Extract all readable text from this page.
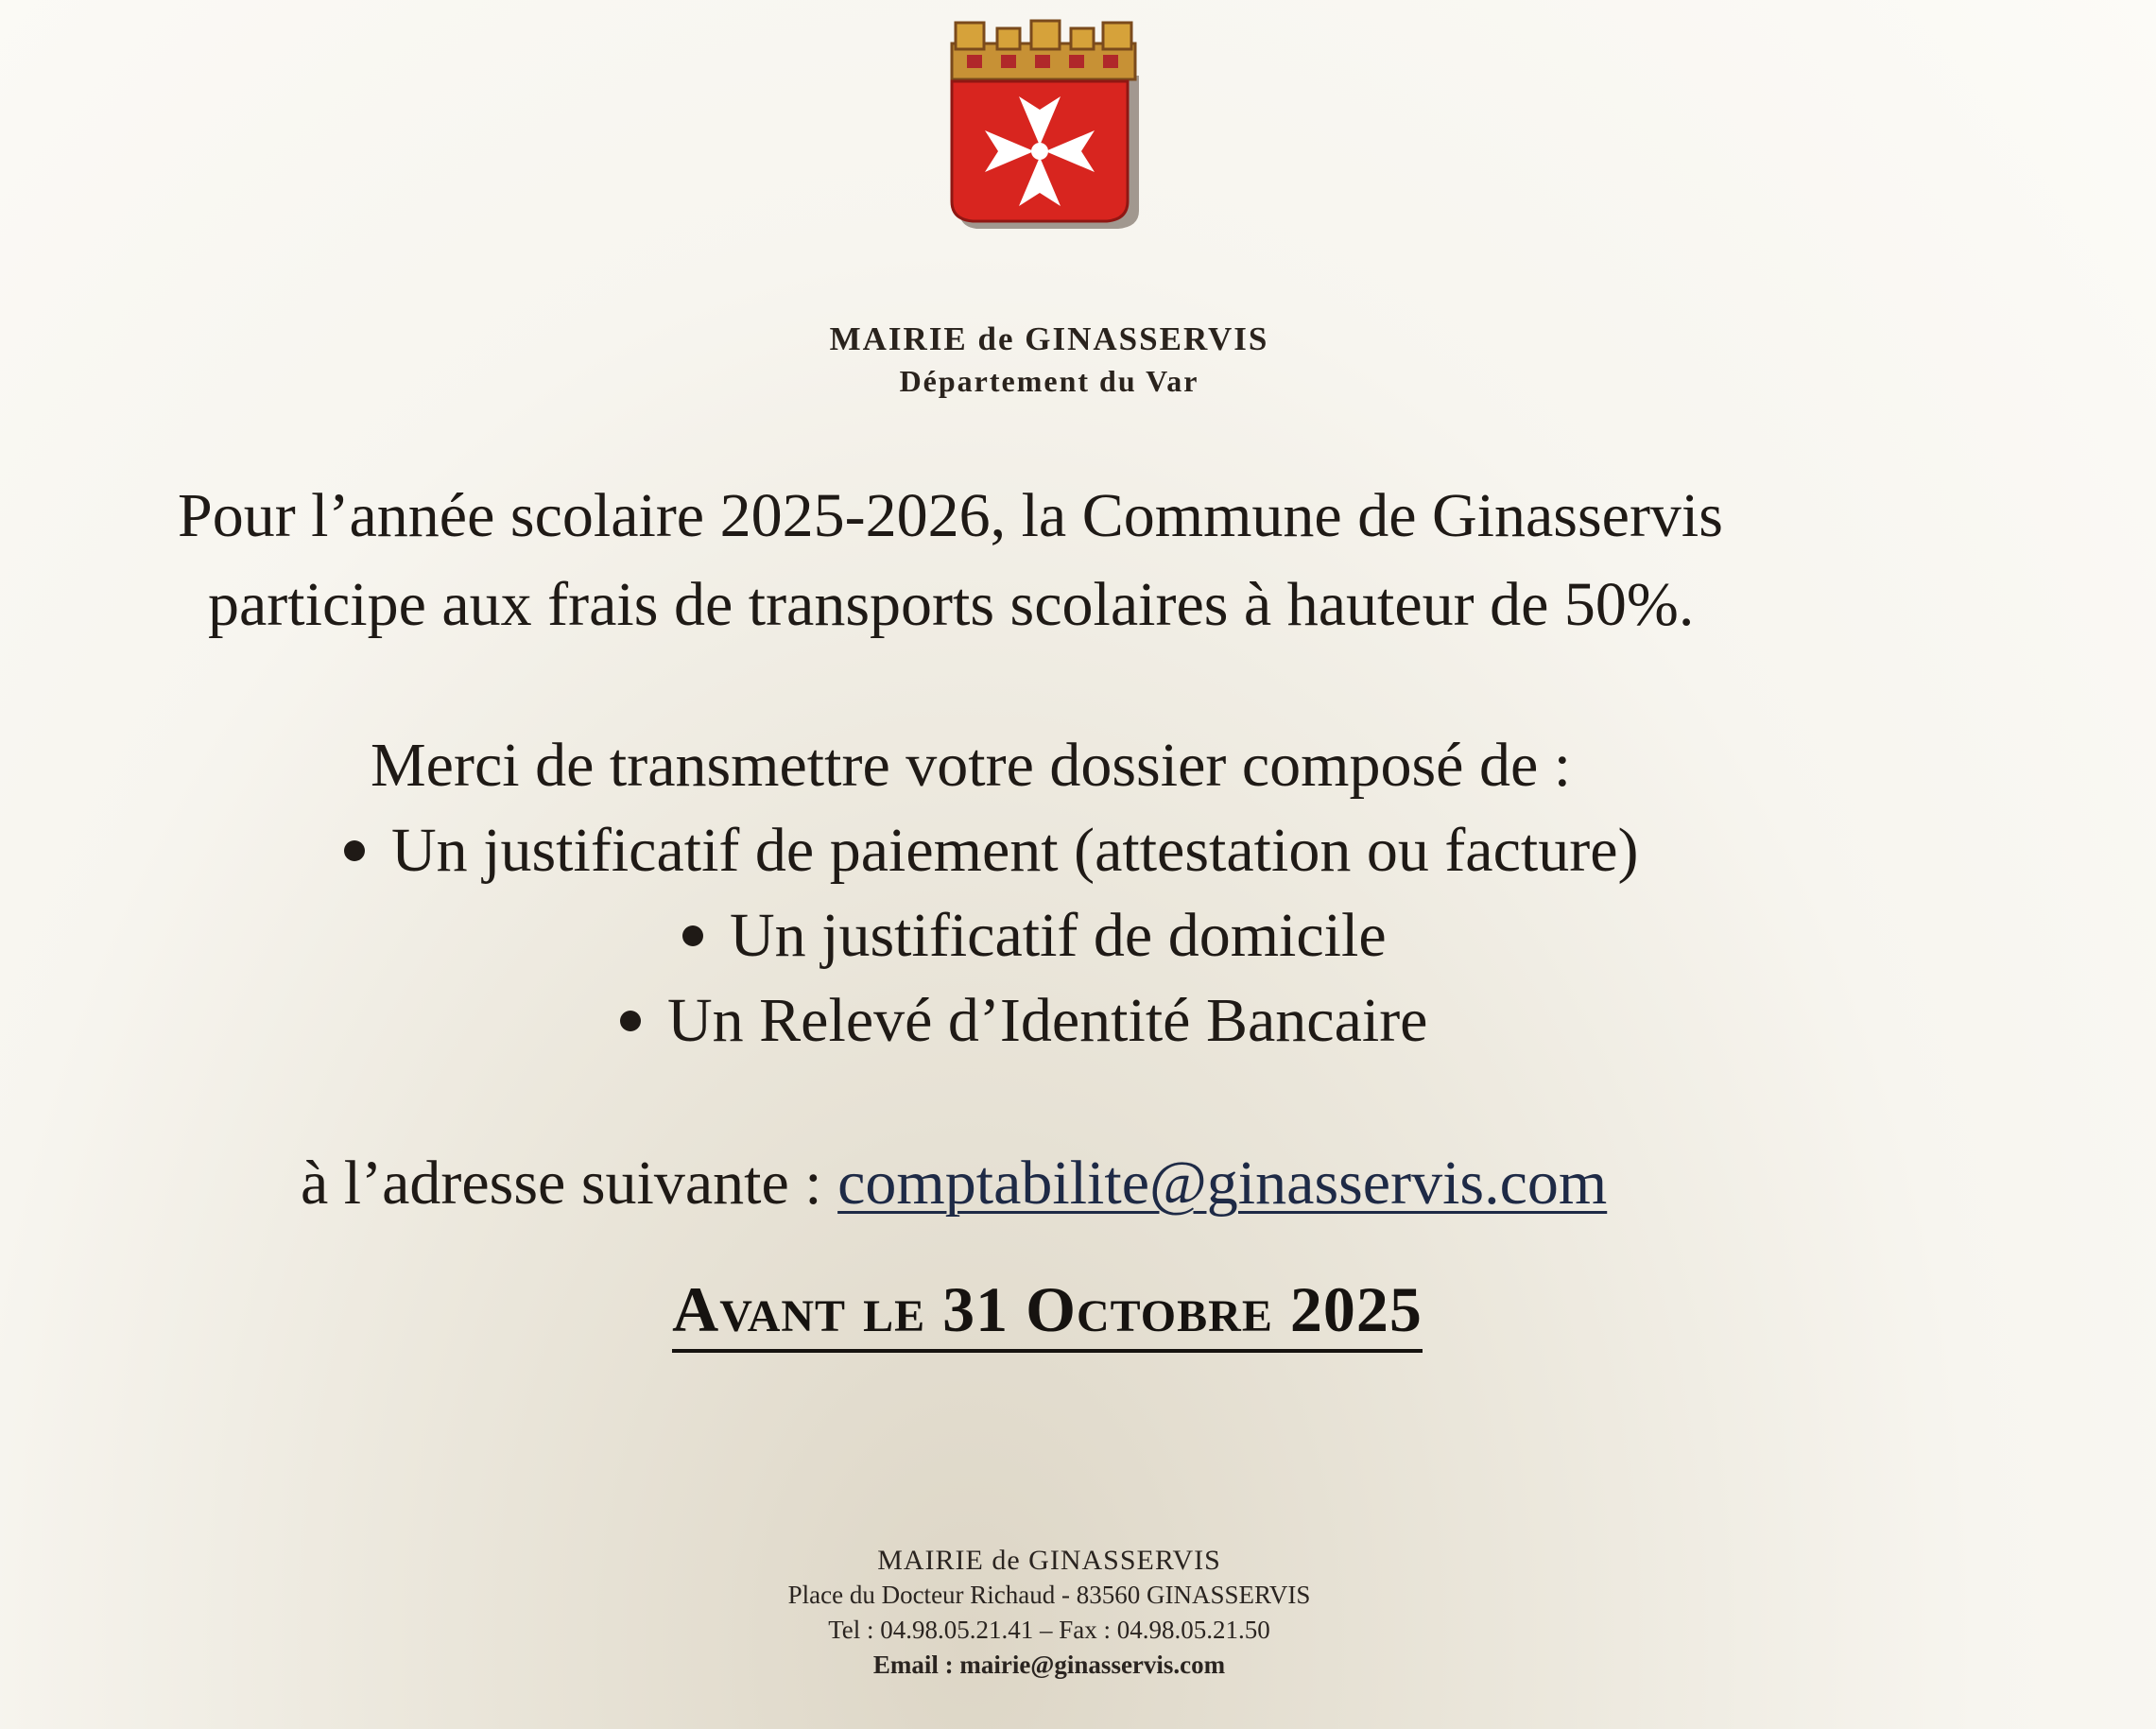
MAIRIE de GINASSERVIS
Département du Var
Pour l’année scolaire 2025-2026, la Commune de Ginasservis
participe aux frais de transports scolaires à hauteur de 50%.
Merci de transmettre votre dossier composé de :
Un justificatif de paiement (attestation ou facture)
Un justificatif de domicile
Un Relevé d’Identité Bancaire
à l’adresse suivante : comptabilite@ginasservis.com
Avant le 31 Octobre 2025
MAIRIE de GINASSERVIS
Place du Docteur Richaud - 83560 GINASSERVIS
Tel : 04.98.05.21.41 – Fax : 04.98.05.21.50
Email : mairie@ginasservis.com
